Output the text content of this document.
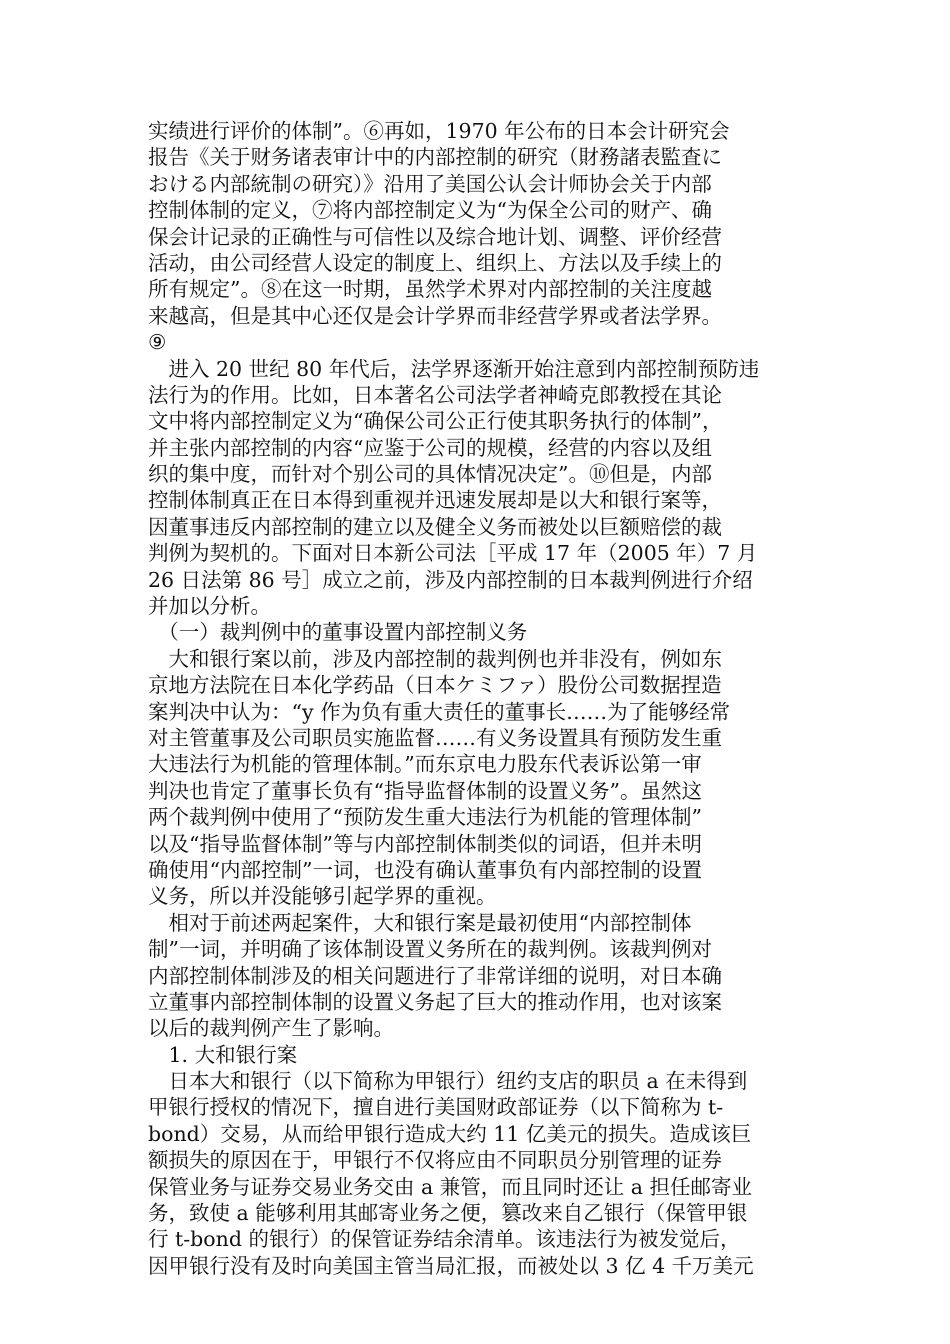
实绩进行评价的体制”。⑥再如，1970 年公布的日本会计研究会
报告《关于财务诸表审计中的内部控制的研究（財務諸表監査に
おける内部統制の研究）》沿用了美国公认会计师协会关于内部
控制体制的定义，⑦将内部控制定义为“为保全公司的财产、确
保会计记录的正确性与可信性以及综合地计划、调整、评价经营
活动，由公司经营人设定的制度上、组织上、方法以及手续上的
所有规定”。⑧在这一时期，虽然学术界对内部控制的关注度越
来越高，但是其中心还仅是会计学界而非经营学界或者法学界。
⑨
　进入 20 世纪 80 年代后，法学界逐渐开始注意到内部控制预防违
法行为的作用。比如，日本著名公司法学者神崎克郎教授在其论
文中将内部控制定义为“确保公司公正行使其职务执行的体制”，
并主张内部控制的内容“应鉴于公司的规模，经营的内容以及组
织的集中度，而针对个别公司的具体情况决定”。⑩但是，内部
控制体制真正在日本得到重视并迅速发展却是以大和银行案等，
因董事违反内部控制的建立以及健全义务而被处以巨额赔偿的裁
判例为契机的。下面对日本新公司法［平成 17 年（2005 年）7 月
26 日法第 86 号］成立之前，涉及内部控制的日本裁判例进行介绍
并加以分析。
　（一）裁判例中的董事设置内部控制义务
　大和银行案以前，涉及内部控制的裁判例也并非没有，例如东
京地方法院在日本化学药品（日本ケミファ）股份公司数据捏造
案判决中认为：“y 作为负有重大责任的董事长……为了能够经常
对主管董事及公司职员实施监督……有义务设置具有预防发生重
大违法行为机能的管理体制。”而东京电力股东代表诉讼第一审
判决也肯定了董事长负有“指导监督体制的设置义务”。虽然这
两个裁判例中使用了“预防发生重大违法行为机能的管理体制”
以及“指导监督体制”等与内部控制体制类似的词语，但并未明
确使用“内部控制”一词，也没有确认董事负有内部控制的设置
义务，所以并没能够引起学界的重视。
　相对于前述两起案件，大和银行案是最初使用“内部控制体
制”一词，并明确了该体制设置义务所在的裁判例。该裁判例对
内部控制体制涉及的相关问题进行了非常详细的说明，对日本确
立董事内部控制体制的设置义务起了巨大的推动作用，也对该案
以后的裁判例产生了影响。
　1. 大和银行案
　日本大和银行（以下简称为甲银行）纽约支店的职员 a 在未得到
甲银行授权的情况下，擅自进行美国财政部证券（以下简称为 t-
bond）交易，从而给甲银行造成大约 11 亿美元的损失。造成该巨
额损失的原因在于，甲银行不仅将应由不同职员分别管理的证券
保管业务与证券交易业务交由 a 兼管，而且同时还让 a 担任邮寄业
务，致使 a 能够利用其邮寄业务之便，篡改来自乙银行（保管甲银
行 t-bond 的银行）的保管证券结余清单。该违法行为被发觉后，
因甲银行没有及时向美国主管当局汇报，而被处以 3 亿 4 千万美元
